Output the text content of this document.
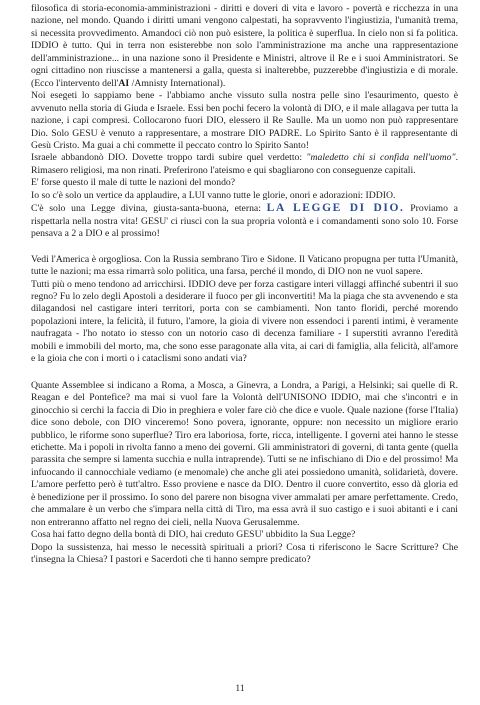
filosofica di storia-economia-amministrazioni - diritti e doveri di vita e lavoro - povertà e ricchezza in una nazione, nel mondo. Quando i diritti umani vengono calpestati, ha sopravvento l'ingiustizia, l'umanità trema, si necessita provvedimento. Amandoci ciò non può esistere, la politica è superflua. In cielo non si fa politica. IDDIO è tutto. Qui in terra non esisterebbe non solo l'amministrazione ma anche una rappresentazione dell'amministrazione... in una nazione sono il Presidente e Ministri, altrove il Re e i suoi Amministratori. Se ogni cittadino non riuscisse a mantenersi a galla, questa si inalterebbe, puzzerebbe d'ingiustizia e di morale. (Ecco l'intervento dell'AI /Amnisty International).

Noi esegeti lo sappiamo bene - l'abbiamo anche vissuto sulla nostra pelle sino l'esaurimento, questo è avvenuto nella storia di Giuda e Israele. Essi ben pochi fecero la volontà di DIO, e il male allagava per tutta la nazione, i capi compresi. Collocarono fuori DIO, elessero il Re Saulle. Ma un uomo non può rappresentare Dio. Solo GESU è venuto a rappresentare, a mostrare DIO PADRE. Lo Spirito Santo è il rappresentante di Gesù Cristo. Ma guai a chi commette il peccato contro lo Spirito Santo!

Israele abbandonò DIO. Dovette troppo tardi subire quel verdetto: "maledetto chi si confida nell'uomo". Rimasero religiosi, ma non rinati. Preferirono l'ateismo e qui sbagliarono con conseguenze capitali.

E' forse questo il male di tutte le nazioni del mondo?

Io so c'è solo un vertice da applaudire, a LUI vanno tutte le glorie, onori e adorazioni: IDDIO.

C'è solo una Legge divina, giusta-santa-buona, eterna: LA LEGGE DI DIO. Proviamo a rispettarla nella nostra vita! GESU' ci riuscì con la sua propria volontà e i comandamenti sono solo 10. Forse pensava a 2 a DIO e al prossimo!

Vedi l'America è orgogliosa. Con la Russia sembrano Tiro e Sidone. Il Vaticano propugna per tutta l'Umanità, tutte le nazioni; ma essa rimarrà solo politica, una farsa, perché il mondo, di DIO non ne vuol sapere.

Tutti più o meno tendono ad arricchirsi. IDDIO deve per forza castigare interi villaggi affinché subentri il suo regno? Fu lo zelo degli Apostoli a desiderare il fuoco per gli inconvertiti! Ma la piaga che sta avvenendo e sta dilagandosi nel castigare interi territori, porta con se cambiamenti. Non tanto floridi, perché morendo popolazioni intere, la felicità, il futuro, l'amore, la gioia di vivere non essendoci i parenti intimi, è veramente naufragata - l'ho notato io stesso con un notorio caso di decenza familiare - I superstiti avranno l'eredità mobili e immobili del morto, ma, che sono esse paragonate alla vita, ai cari di famiglia, alla felicità, all'amore e la gioia che con i morti o i cataclismi sono andati via?

Quante Assemblee si indicano a Roma, a Mosca, a Ginevra, a Londra, a Parigi, a Helsinki; sai quelle di R. Reagan e del Pontefice? ma mai si vuol fare la Volontà dell'UNISONO IDDIO, mai che s'incontri e in ginocchio si cerchi la faccia di Dio in preghiera e voler fare ciò che dice e vuole. Quale nazione (forse l'Italia) dice sono debole, con DIO vinceremo! Sono povera, ignorante, oppure: non necessito un migliore erario pubblico, le riforme sono superflue? Tiro era laboriosa, forte, ricca, intelligente. I governi atei hanno le stesse etichette. Ma i popoli in rivolta fanno a meno dei governi. Gli amministratori di governi, di tanta gente (quella parassita che sempre si lamenta succhia e nulla intraprende). Tutti se ne infischiano di Dio e del prossimo! Ma infuocando il cannocchiale vediamo (e menomale) che anche gli atei possiedono umanità, solidarietà, dovere. L'amore perfetto però è tutt'altro. Esso proviene e nasce da DIO. Dentro il cuore convertito, esso dà gloria ed è benedizione per il prossimo. Io sono del parere non bisogna viver ammalati per amare perfettamente. Credo, che ammalare è un verbo che s'impara nella città di Tiro, ma essa avrà il suo castigo e i suoi abitanti e i cani non entreranno affatto nel regno dei cieli, nella Nuova Gerusalemme.

Cosa hai fatto degno della bontà di DIO, hai creduto GESU' ubbidito la Sua Legge?

Dopo la sussistenza, hai messo le necessità spirituali a priori? Cosa ti riferiscono le Sacre Scritture? Che t'insegna la Chiesa? I pastori e Sacerdoti che ti hanno sempre predicato?

11
